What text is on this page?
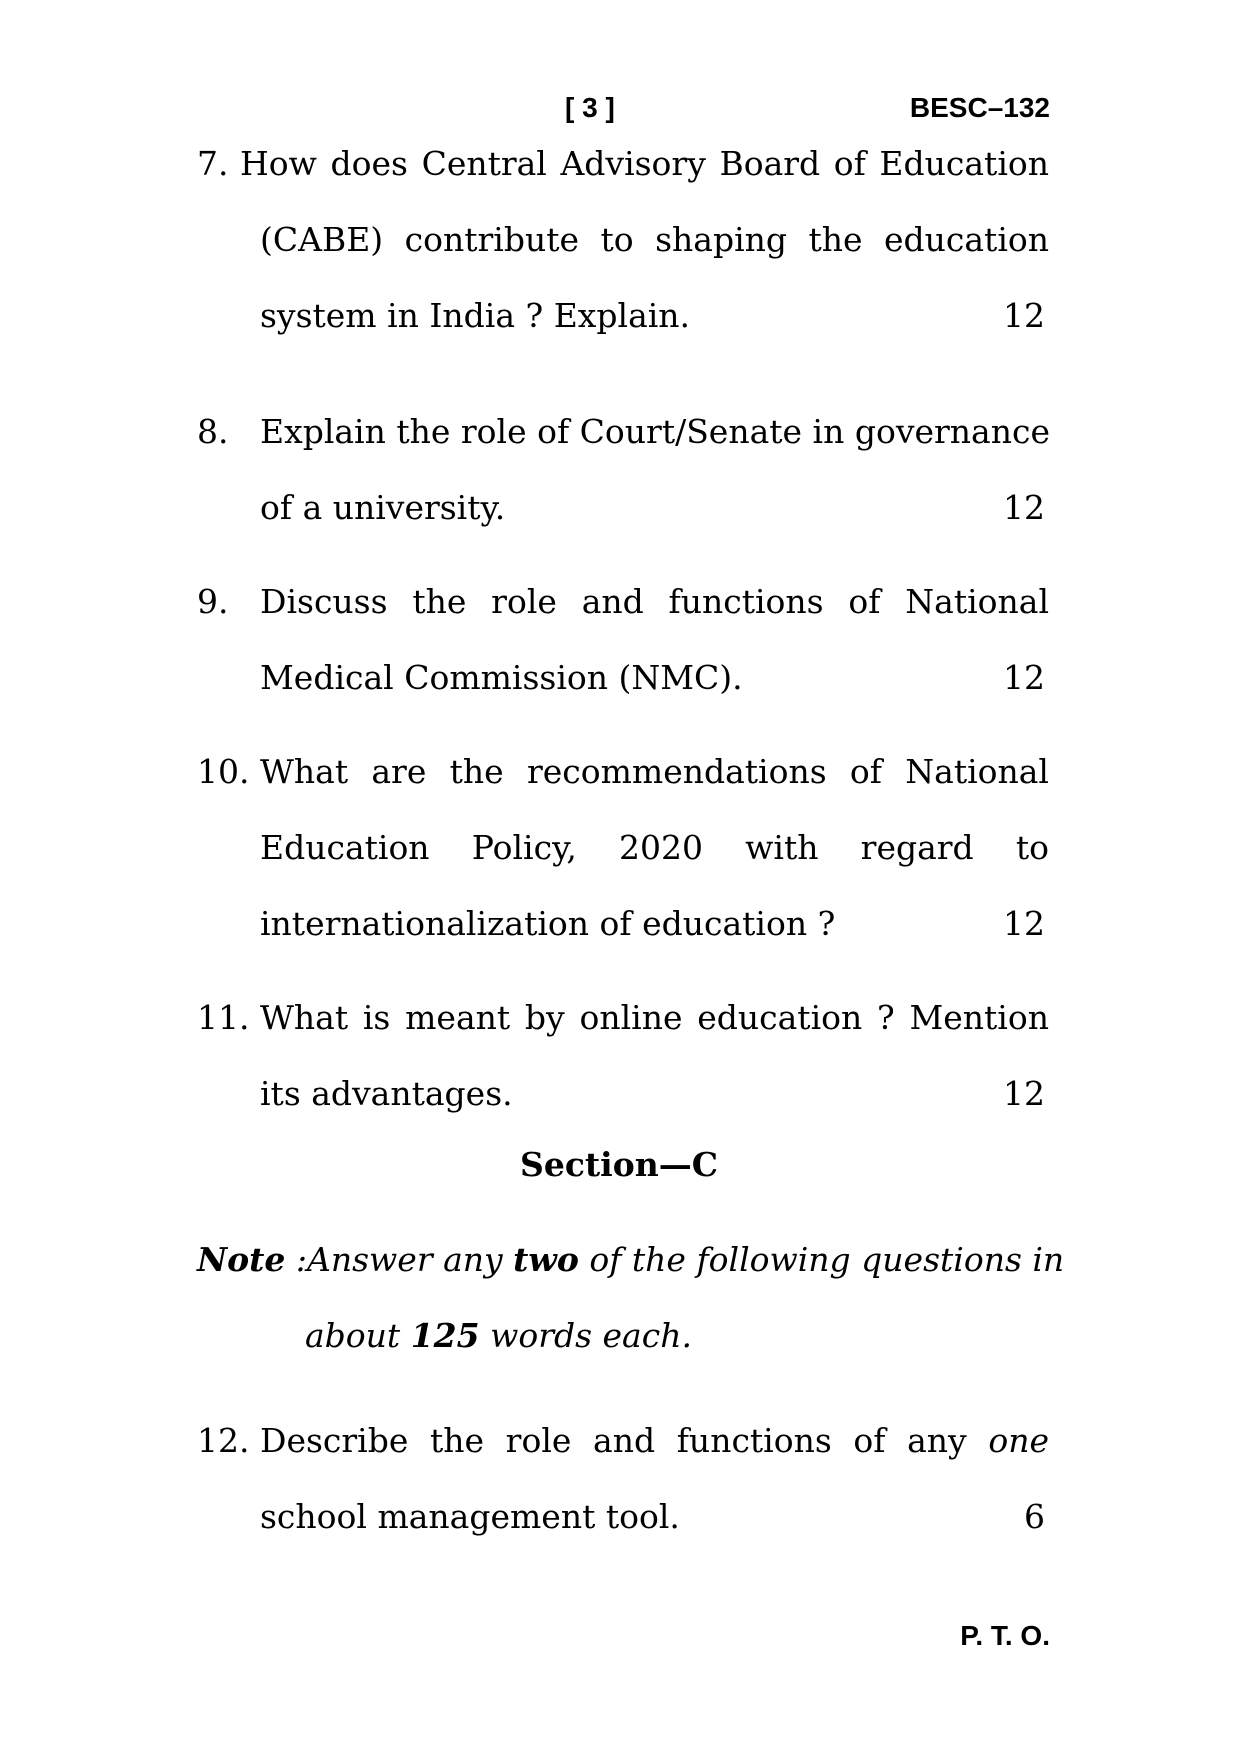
[ 3 ]	BESC–132
7. How does Central Advisory Board of Education
(CABE) contribute to shaping the education
system in India ? Explain.	12
8. Explain the role of Court/Senate in governance
of a university.	12
9. Discuss the role and functions of National
Medical Commission (NMC).	12
10. What are the recommendations of National
Education Policy, 2020 with regard to
internationalization of education ?	12
11. What is meant by online education ? Mention
its advantages.	12
Section—C
Note :Answer any two of the following questions in
about 125 words each.
12. Describe the role and functions of any one
school management tool.	6
P. T. O.
